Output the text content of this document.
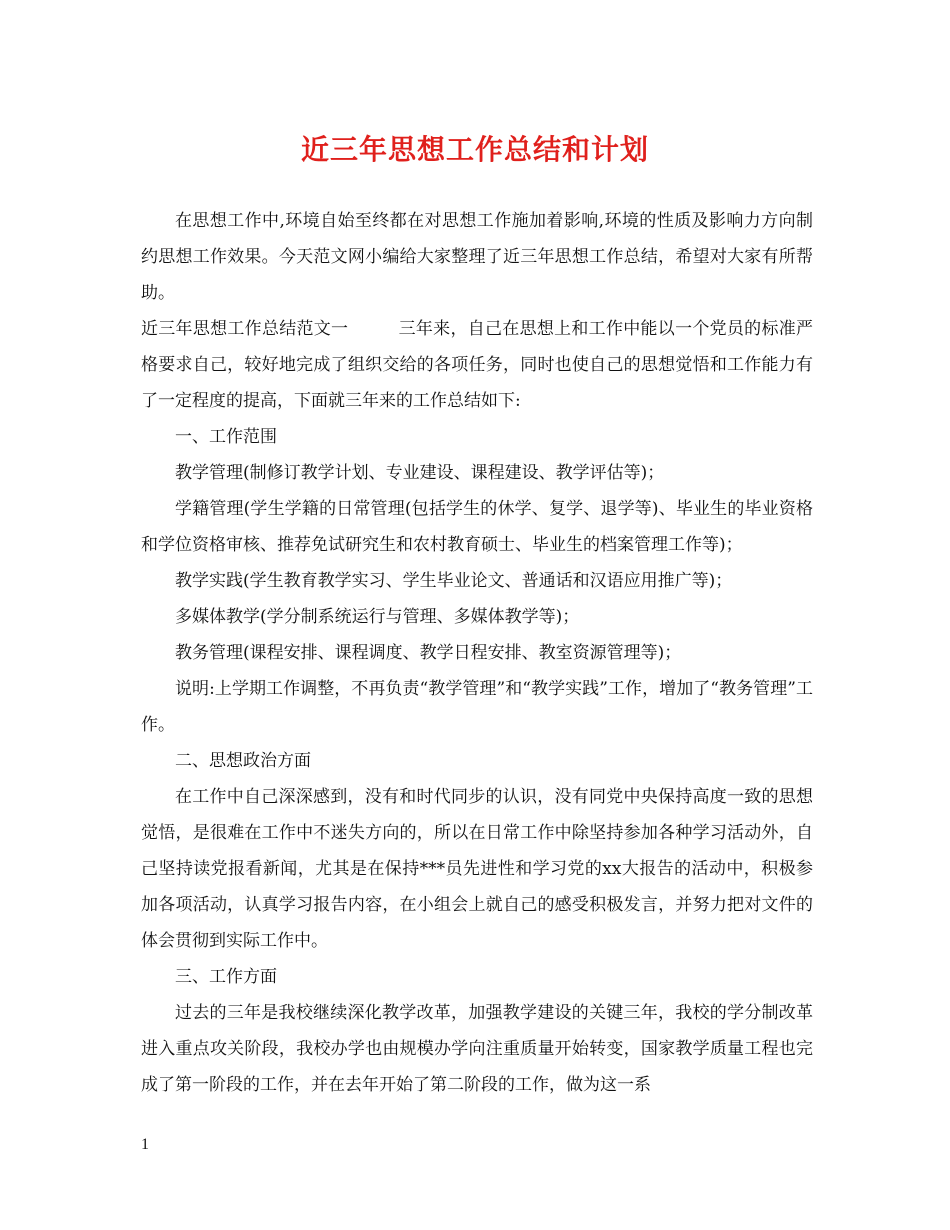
近三年思想工作总结和计划

在思想工作中,环境自始至终都在对思想工作施加着影响,环境的性质及影响力方向制约思想工作效果。今天范文网小编给大家整理了近三年思想工作总结，希望对大家有所帮助。

近三年思想工作总结范文一	三年来，自己在思想上和工作中能以一个党员的标准严格要求自己，较好地完成了组织交给的各项任务，同时也使自己的思想觉悟和工作能力有了一定程度的提高，下面就三年来的工作总结如下:

一、工作范围

教学管理(制修订教学计划、专业建设、课程建设、教学评估等)；

学籍管理(学生学籍的日常管理(包括学生的休学、复学、退学等)、毕业生的毕业资格和学位资格审核、推荐免试研究生和农村教育硕士、毕业生的档案管理工作等)；

教学实践(学生教育教学实习、学生毕业论文、普通话和汉语应用推广等)；

多媒体教学(学分制系统运行与管理、多媒体教学等)；

教务管理(课程安排、课程调度、教学日程安排、教室资源管理等)；

说明:上学期工作调整，不再负责“教学管理”和“教学实践”工作，增加了“教务管理”工作。

二、思想政治方面

在工作中自己深深感到，没有和时代同步的认识，没有同党中央保持高度一致的思想觉悟，是很难在工作中不迷失方向的，所以在日常工作中除坚持参加各种学习活动外，自己坚持读党报看新闻，尤其是在保持***员先进性和学习党的xx大报告的活动中，积极参加各项活动，认真学习报告内容，在小组会上就自己的感受积极发言，并努力把对文件的体会贯彻到实际工作中。

三、工作方面

过去的三年是我校继续深化教学改革，加强教学建设的关键三年，我校的学分制改革进入重点攻关阶段，我校办学也由规模办学向注重质量开始转变，国家教学质量工程也完成了第一阶段的工作，并在去年开始了第二阶段的工作，做为这一系

1
